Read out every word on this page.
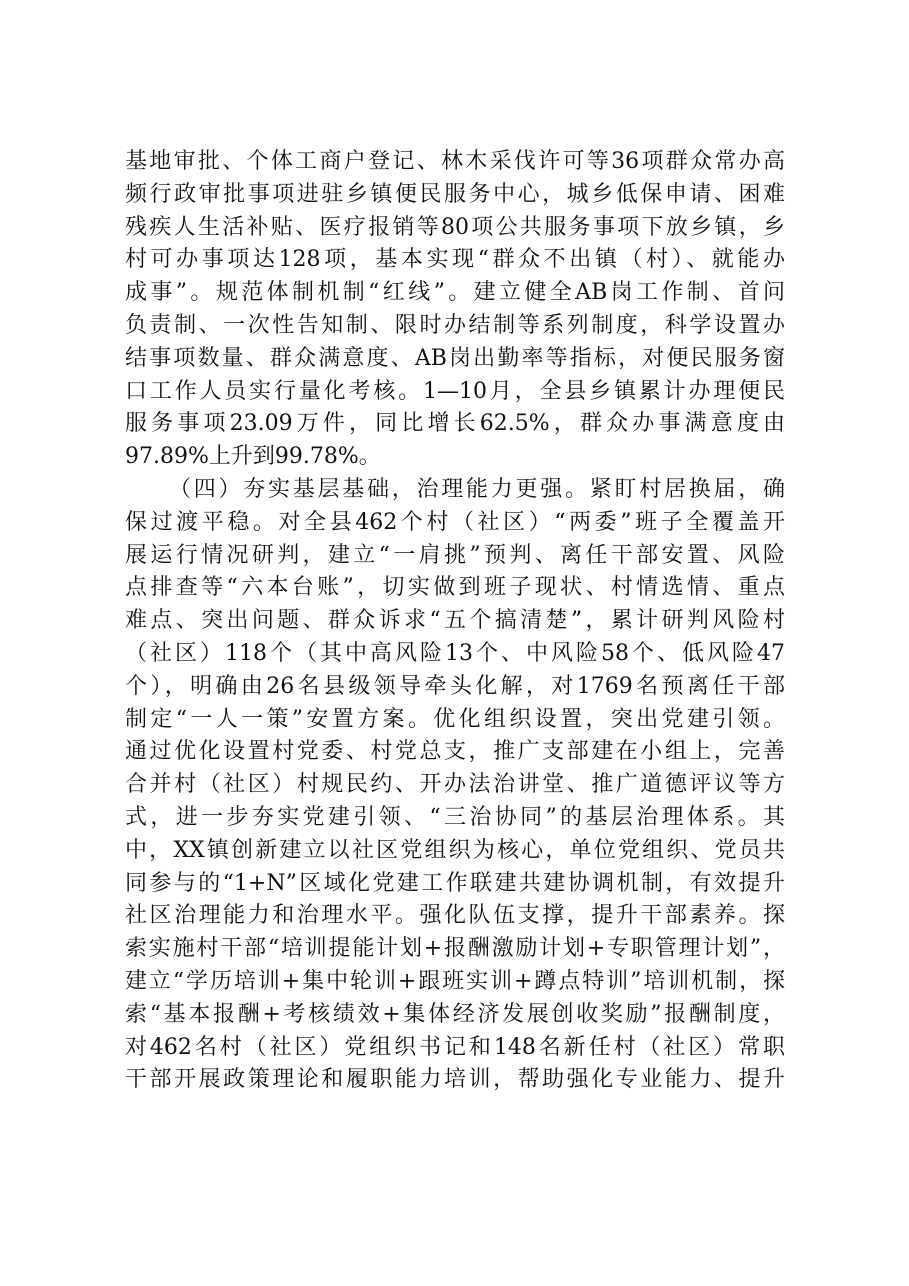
基地审批、个体工商户登记、林木采伐许可等36项群众常办高
频行政审批事项进驻乡镇便民服务中心，城乡低保申请、困难
残疾人生活补贴、医疗报销等80项公共服务事项下放乡镇，乡
村可办事项达128项，基本实现“群众不出镇（村）、就能办
成事”。规范体制机制“红线”。建立健全AB岗工作制、首问
负责制、一次性告知制、限时办结制等系列制度，科学设置办
结事项数量、群众满意度、AB岗出勤率等指标，对便民服务窗
口工作人员实行量化考核。1—10月，全县乡镇累计办理便民
服务事项23.09万件，同比增长62.5%，群众办事满意度由
97.89%上升到99.78%。
（四）夯实基层基础，治理能力更强。紧盯村居换届，确
保过渡平稳。对全县462个村（社区）“两委”班子全覆盖开
展运行情况研判，建立“一肩挑”预判、离任干部安置、风险
点排查等“六本台账”，切实做到班子现状、村情选情、重点
难点、突出问题、群众诉求“五个搞清楚”，累计研判风险村
（社区）118个（其中高风险13个、中风险58个、低风险47
个），明确由26名县级领导牵头化解，对1769名预离任干部
制定“一人一策”安置方案。优化组织设置，突出党建引领。
通过优化设置村党委、村党总支，推广支部建在小组上，完善
合并村（社区）村规民约、开办法治讲堂、推广道德评议等方
式，进一步夯实党建引领、“三治协同”的基层治理体系。其
中，XX镇创新建立以社区党组织为核心，单位党组织、党员共
同参与的“1+N”区域化党建工作联建共建协调机制，有效提升
社区治理能力和治理水平。强化队伍支撑，提升干部素养。探
索实施村干部“培训提能计划+报酬激励计划+专职管理计划”，
建立“学历培训+集中轮训+跟班实训+蹲点特训”培训机制，探
索“基本报酬+考核绩效+集体经济发展创收奖励”报酬制度，
对462名村（社区）党组织书记和148名新任村（社区）常职
干部开展政策理论和履职能力培训，帮助强化专业能力、提升
